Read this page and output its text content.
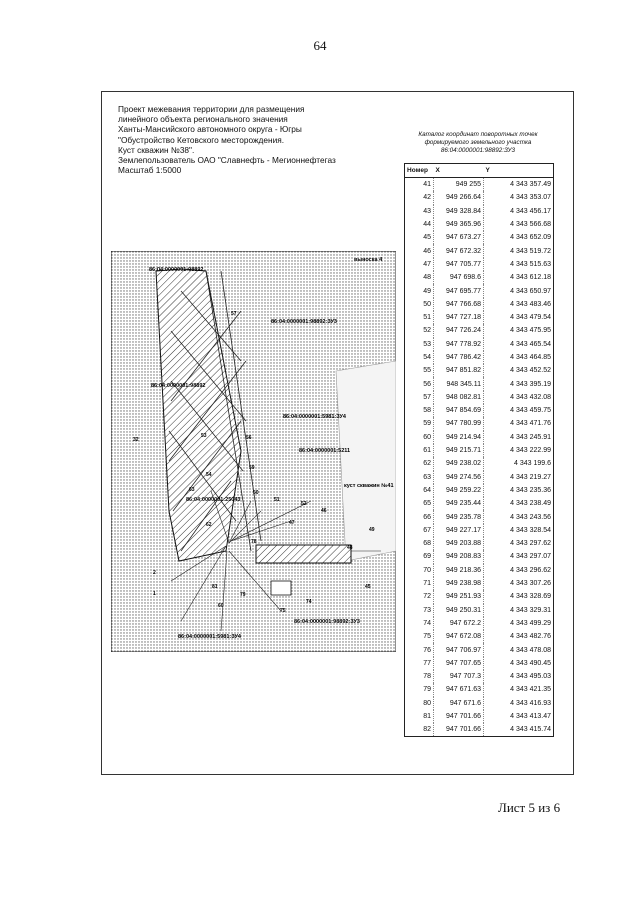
64
Проект межевания территории для размещения
линейного объекта регионального значения
Ханты-Мансийского автономного округа - Югры
"Обустройство Кетовского месторождения.
Куст скважин №38".
Землепользователь ОАО "Славнефть - Мегионнефтегаз
Масштаб 1:5000
Каталог координат поворотных точек
формируемого земельного участка
86:04:0000001:98892:ЗУ3
Номер	X	Y
41	949 255	4 343 357.49
42	949 266.64	4 343 353.07
43	949 328.84	4 343 456.17
44	949 365.96	4 343 566.68
45	947 673.27	4 343 652.09
46	947 672.32	4 343 519.72
47	947 705.77	4 343 515.63
48	947 698.6	4 343 612.18
49	947 695.77	4 343 650.97
50	947 766.68	4 343 483.46
51	947 727.18	4 343 479.54
52	947 726.24	4 343 475.95
53	947 778.92	4 343 465.54
54	947 786.42	4 343 464.85
55	947 851.82	4 343 452.52
56	948 345.11	4 343 395.19
57	948 082.81	4 343 432.08
58	947 854.69	4 343 459.75
59	947 780.99	4 343 471.76
60	949 214.94	4 343 245.91
61	949 215.71	4 343 222.99
62	949 238.02	4 343 199.6
63	949 274.56	4 343 219.27
64	949 259.22	4 343 235.36
65	949 235.44	4 343 238.49
66	949 235.78	4 343 243.56
67	949 227.17	4 343 328.54
68	949 203.88	4 343 297.62
69	949 208.83	4 343 297.07
70	949 218.36	4 343 296.62
71	949 238.98	4 343 307.26
72	949 251.93	4 343 328.69
73	949 250.31	4 343 329.31
74	947 672.2	4 343 499.29
75	947 672.08	4 343 482.76
76	947 706.97	4 343 478.08
77	947 707.65	4 343 490.45
78	947 707.3	4 343 495.03
79	947 671.63	4 343 421.35
80	947 671.6	4 343 416.93
81	947 701.66	4 343 413.47
82	947 701.66	4 343 415.74
выноска 4
86:04:0000001:98892
86:04:0000001:98892:ЗУ3
86:04:0000001:98892
86:04:0000001:5981:ЗУ4
86:04:0000001:5211
86:04:0000001:25043
86:04:0000001:98892:ЗУ3
86:04:0000001:5981:ЗУ4
куст скважин №41
57
32
53	56
59
54
63	50
51
52
47
46
49
48
62
78
2
1
60
79
75
74
45
81
Лист 5 из 6
